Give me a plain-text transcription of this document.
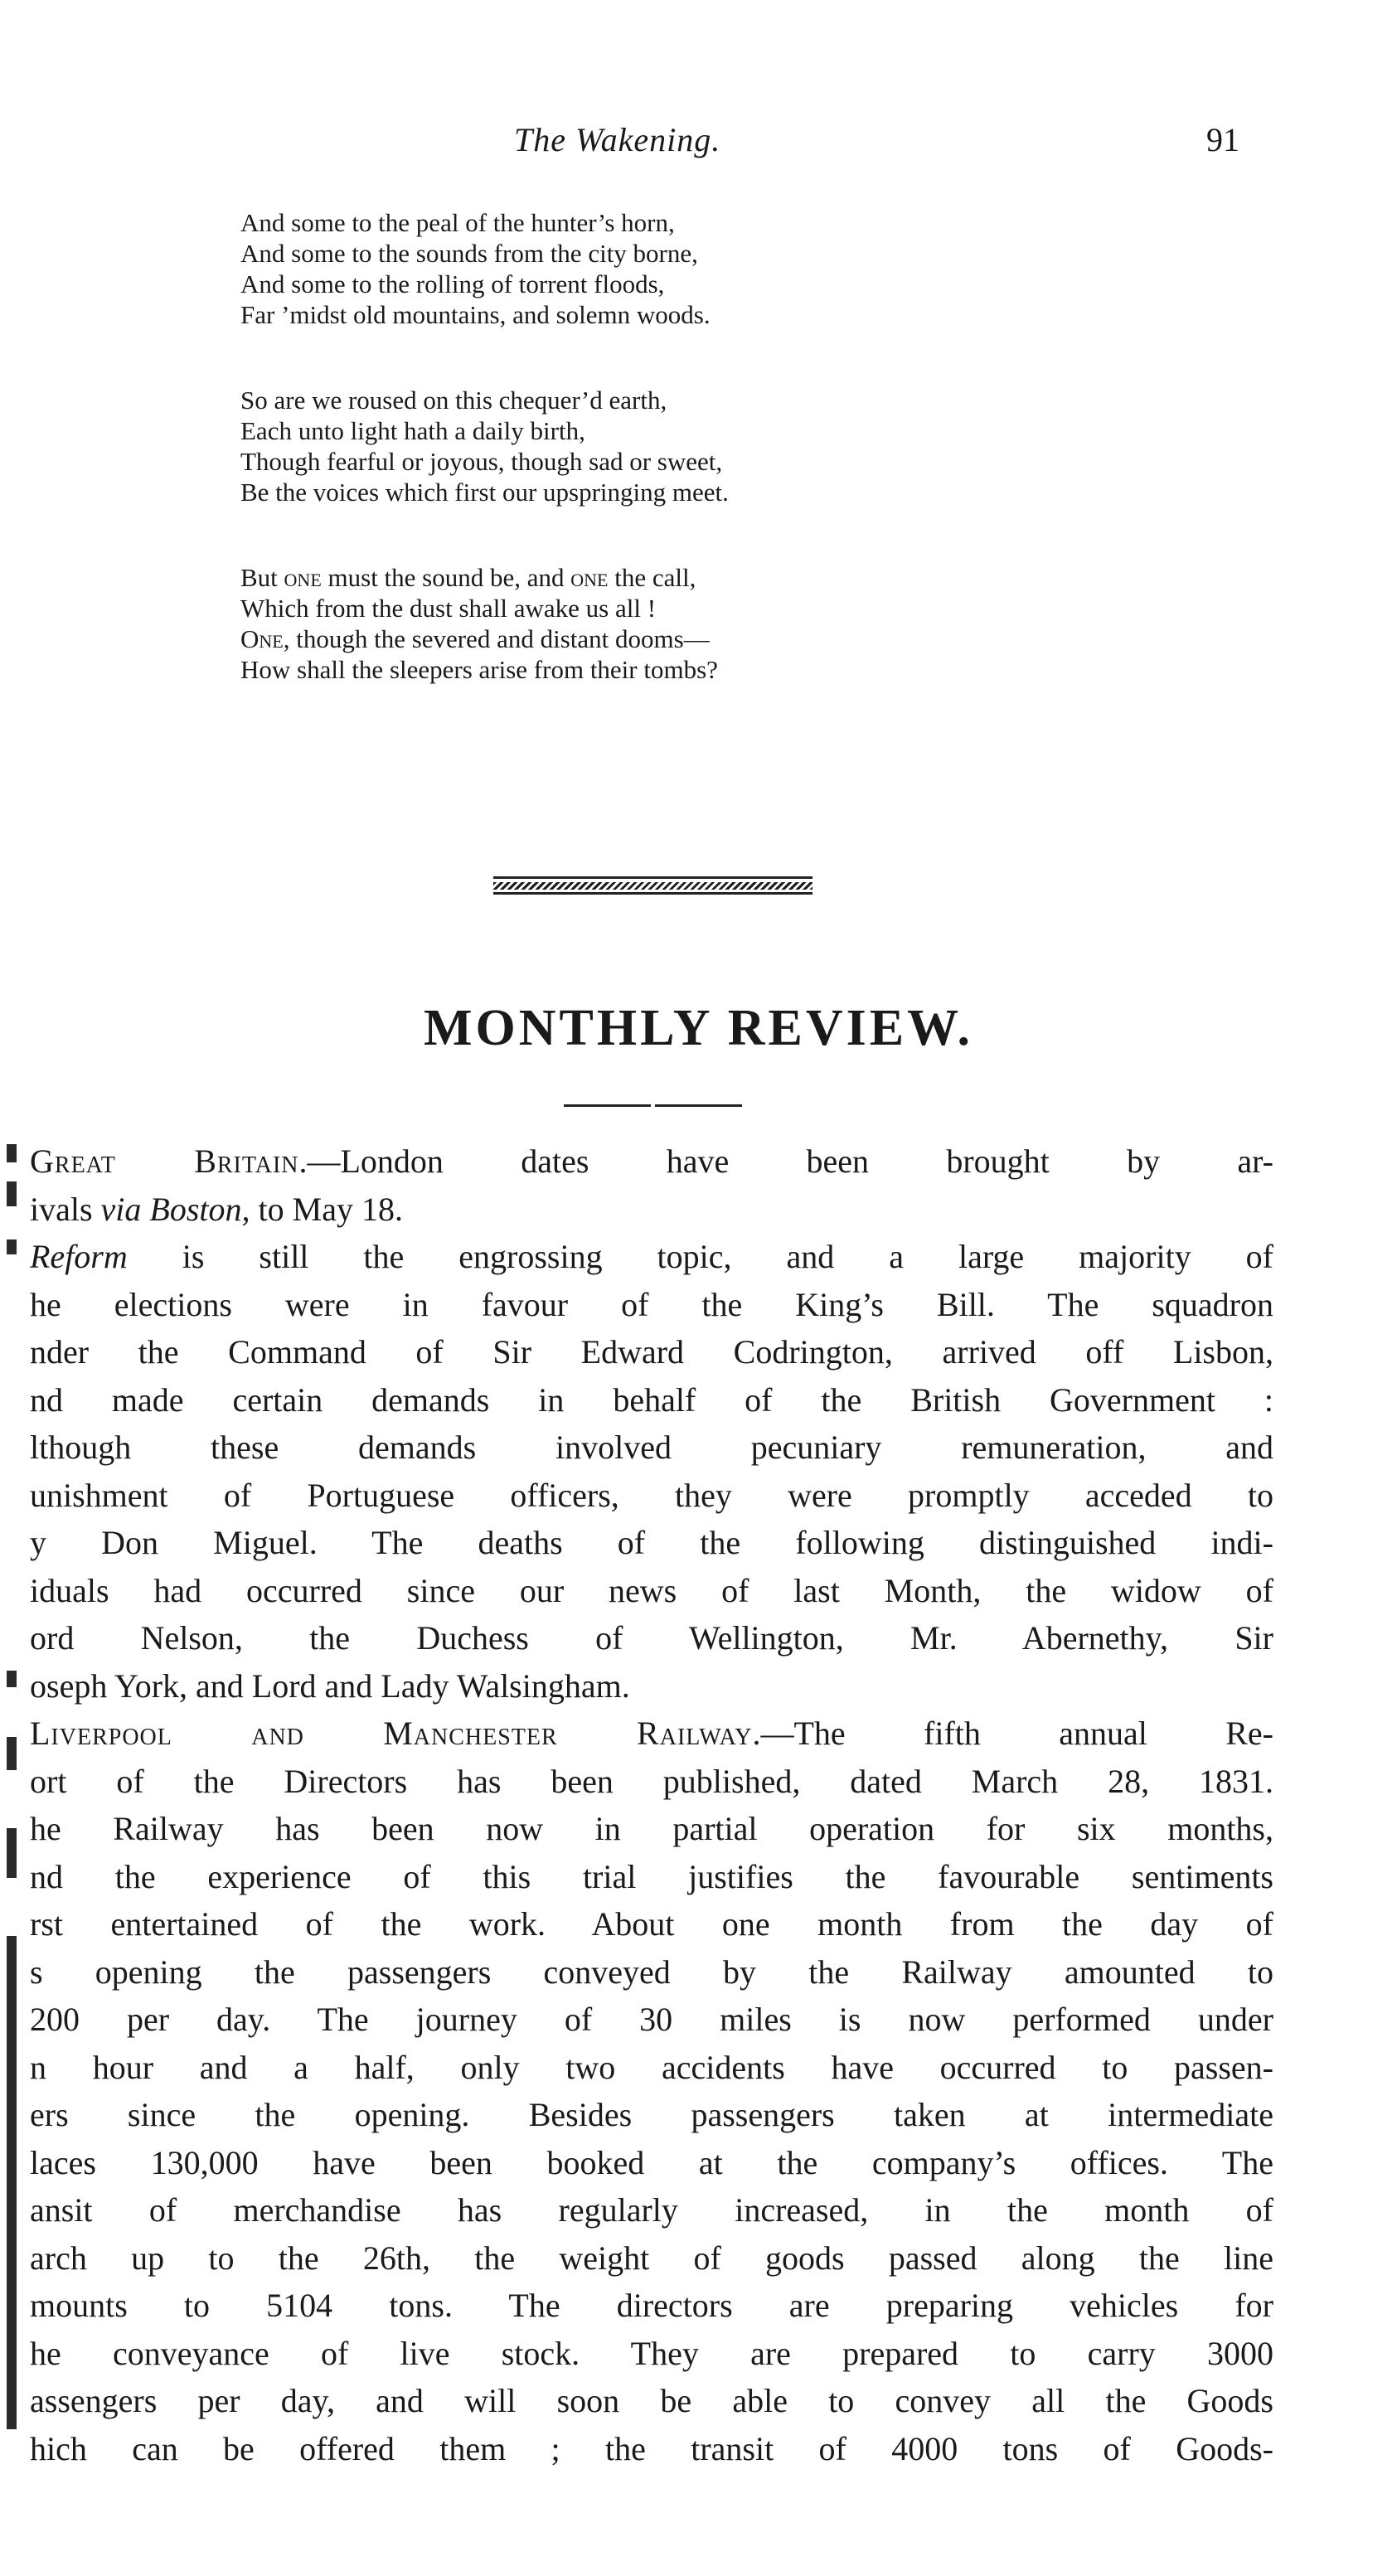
The Wakening.	91
And some to the peal of the hunter’s horn,
And some to the sounds from the city borne,
And some to the rolling of torrent floods,
Far ’midst old mountains, and solemn woods.
So are we roused on this chequer’d earth,
Each unto light hath a daily birth,
Though fearful or joyous, though sad or sweet,
Be the voices which first our upspringing meet.
But one must the sound be, and one the call,
Which from the dust shall awake us all !
One, though the severed and distant dooms—
How shall the sleepers arise from their tombs?
MONTHLY REVIEW.
Great Britain.—London dates have been brought by ar-
ivals via Boston, to May 18.
Reform is still the engrossing topic, and a large majority of
he elections were in favour of the King’s Bill. The squadron
nder the Command of Sir Edward Codrington, arrived off Lisbon,
nd made certain demands in behalf of the British Government :
lthough these demands involved pecuniary remuneration, and
unishment of Portuguese officers, they were promptly acceded to
y Don Miguel. The deaths of the following distinguished indi-
iduals had occurred since our news of last Month, the widow of
ord Nelson, the Duchess of Wellington, Mr. Abernethy, Sir
oseph York, and Lord and Lady Walsingham.
Liverpool and Manchester Railway.—The fifth annual Re-
ort of the Directors has been published, dated March 28, 1831.
he Railway has been now in partial operation for six months,
nd the experience of this trial justifies the favourable sentiments
rst entertained of the work. About one month from the day of
s opening the passengers conveyed by the Railway amounted to
200 per day. The journey of 30 miles is now performed under
n hour and a half, only two accidents have occurred to passen-
ers since the opening. Besides passengers taken at intermediate
laces 130,000 have been booked at the company’s offices. The
ansit of merchandise has regularly increased, in the month of
arch up to the 26th, the weight of goods passed along the line
mounts to 5104 tons. The directors are preparing vehicles for
he conveyance of live stock. They are prepared to carry 3000
assengers per day, and will soon be able to convey all the Goods
hich can be offered them ; the transit of 4000 tons of Goods-
